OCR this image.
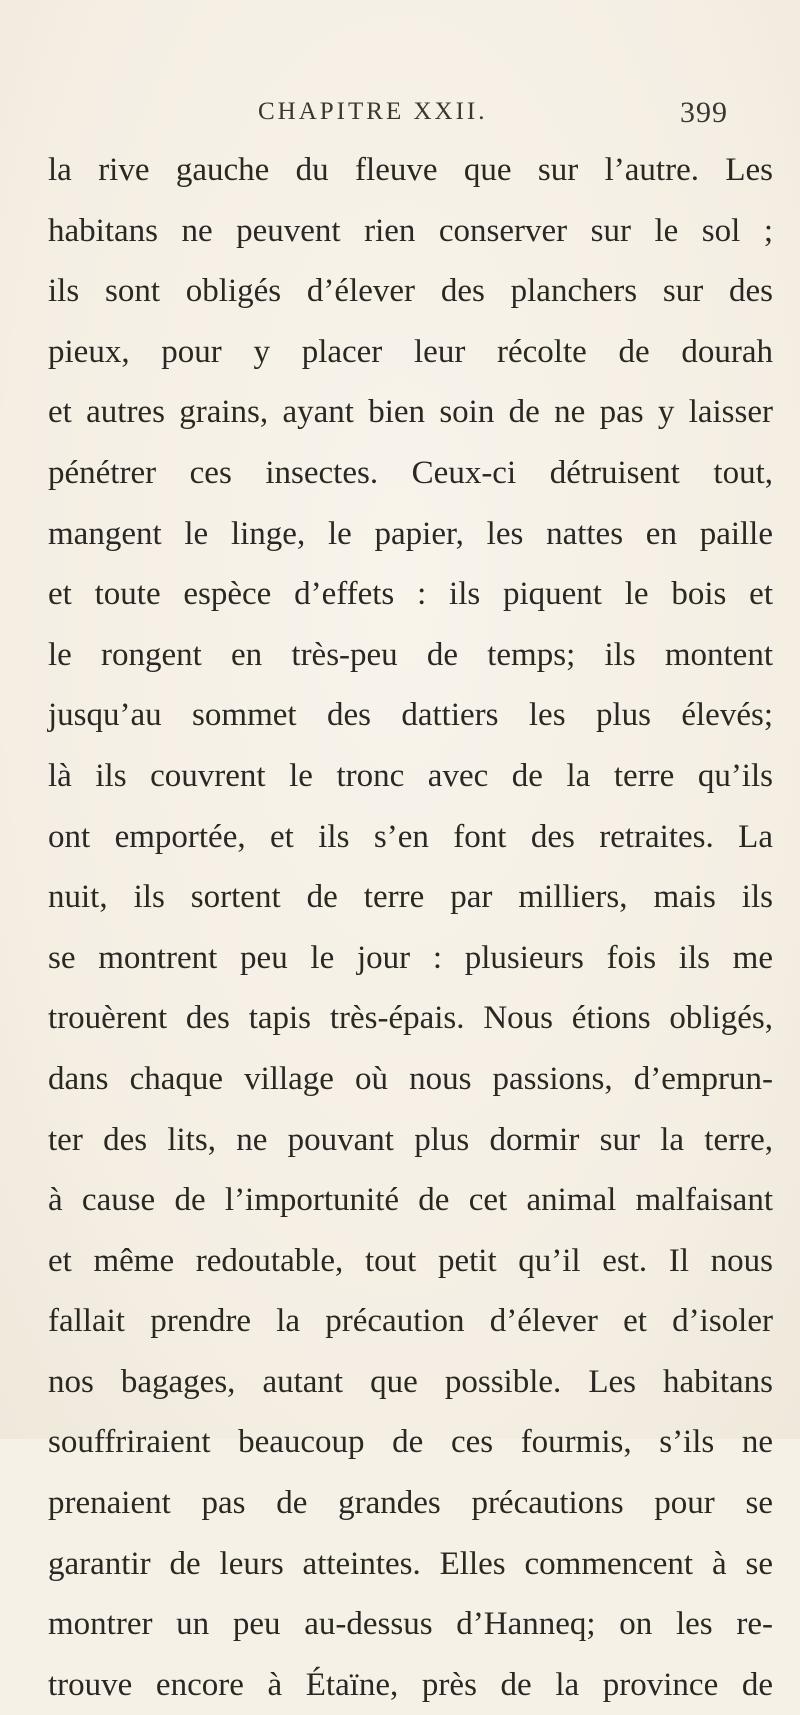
CHAPITRE XXII.	399
la rive gauche du fleuve que sur l’autre. Les
habitans ne peuvent rien conserver sur le sol ;
ils sont obligés d’élever des planchers sur des
pieux, pour y placer leur récolte de dourah
et autres grains, ayant bien soin de ne pas y laisser
pénétrer ces insectes. Ceux-ci détruisent tout,
mangent le linge, le papier, les nattes en paille
et toute espèce d’effets : ils piquent le bois et
le rongent en très-peu de temps; ils montent
jusqu’au sommet des dattiers les plus élevés;
là ils couvrent le tronc avec de la terre qu’ils
ont emportée, et ils s’en font des retraites. La
nuit, ils sortent de terre par milliers, mais ils
se montrent peu le jour : plusieurs fois ils me
trouèrent des tapis très-épais. Nous étions obligés,
dans chaque village où nous passions, d’emprun-
ter des lits, ne pouvant plus dormir sur la terre,
à cause de l’importunité de cet animal malfaisant
et même redoutable, tout petit qu’il est. Il nous
fallait prendre la précaution d’élever et d’isoler
nos bagages, autant que possible. Les habitans
souffriraient beaucoup de ces fourmis, s’ils ne
prenaient pas de grandes précautions pour se
garantir de leurs atteintes. Elles commencent à se
montrer un peu au-dessus d’Hanneq; on les re-
trouve encore à Étaïne, près de la province de
